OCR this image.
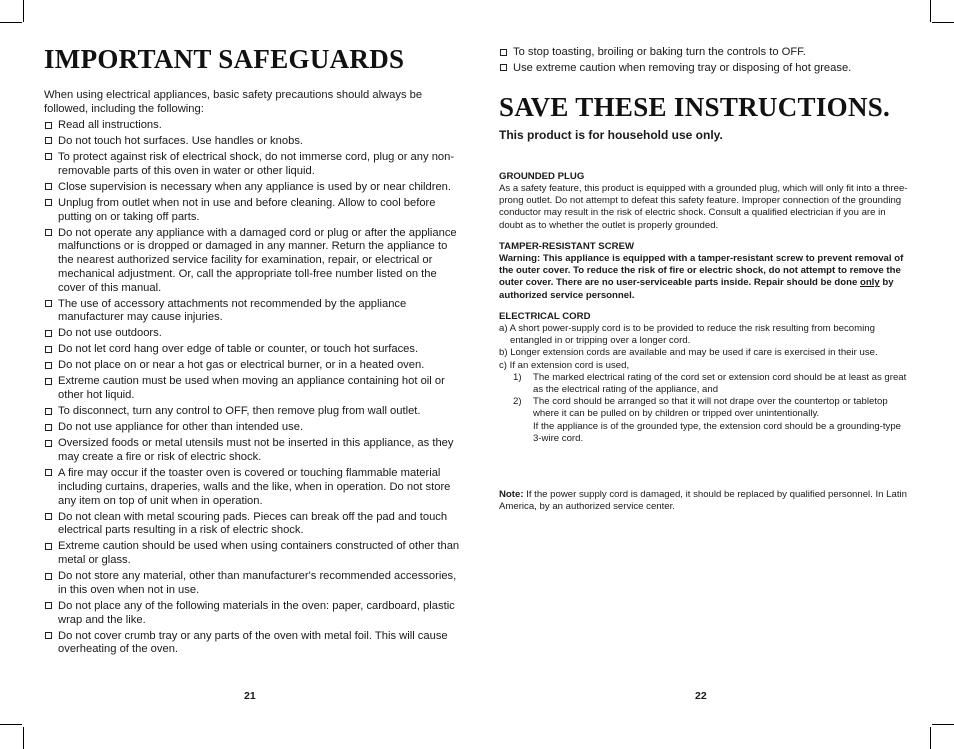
IMPORTANT SAFEGUARDS

When using electrical appliances, basic safety precautions should always be followed, including the following:

Read all instructions.
Do not touch hot surfaces. Use handles or knobs.
To protect against risk of electrical shock, do not immerse cord, plug or any non-removable parts of this oven in water or other liquid.
Close supervision is necessary when any appliance is used by or near children.
Unplug from outlet when not in use and before cleaning. Allow to cool before putting on or taking off parts.
Do not operate any appliance with a damaged cord or plug or after the appliance malfunctions or is dropped or damaged in any manner. Return the appliance to the nearest authorized service facility for examination, repair, or electrical or mechanical adjustment. Or, call the appropriate toll-free number listed on the cover of this manual.
The use of accessory attachments not recommended by the appliance manufacturer may cause injuries.
Do not use outdoors.
Do not let cord hang over edge of table or counter, or touch hot surfaces.
Do not place on or near a hot gas or electrical burner, or in a heated oven.
Extreme caution must be used when moving an appliance containing hot oil or other hot liquid.
To disconnect, turn any control to OFF, then remove plug from wall outlet.
Do not use appliance for other than intended use.
Oversized foods or metal utensils must not be inserted in this appliance, as they may create a fire or risk of electric shock.
A fire may occur if the toaster oven is covered or touching flammable material including curtains, draperies, walls and the like, when in operation. Do not store any item on top of unit when in operation.
Do not clean with metal scouring pads. Pieces can break off the pad and touch electrical parts resulting in a risk of electric shock.
Extreme caution should be used when using containers constructed of other than metal or glass.
Do not store any material, other than manufacturer's recommended accessories, in this oven when not in use.
Do not place any of the following materials in the oven: paper, cardboard, plastic wrap and the like.
Do not cover crumb tray or any parts of the oven with metal foil. This will cause overheating of the oven.
21
To stop toasting, broiling or baking turn the controls to OFF.
Use extreme caution when removing tray or disposing of hot grease.
SAVE THESE INSTRUCTIONS.

This product is for household use only.

GROUNDED PLUG

As a safety feature, this product is equipped with a grounded plug, which will only fit into a three-prong outlet. Do not attempt to defeat this safety feature. Improper connection of the grounding conductor may result in the risk of electric shock. Consult a qualified electrician if you are in doubt as to whether the outlet is properly grounded.

TAMPER-RESISTANT SCREW

Warning: This appliance is equipped with a tamper-resistant screw to prevent removal of the outer cover. To reduce the risk of fire or electric shock, do not attempt to remove the outer cover. There are no user-serviceable parts inside. Repair should be done only by authorized service personnel.

ELECTRICAL CORD

a) A short power-supply cord is to be provided to reduce the risk resulting from becoming entangled in or tripping over a longer cord.

b) Longer extension cords are available and may be used if care is exercised in their use.

c) If an extension cord is used,

1) The marked electrical rating of the cord set or extension cord should be at least as great as the electrical rating of the appliance, and

2) The cord should be arranged so that it will not drape over the countertop or tabletop where it can be pulled on by children or tripped over unintentionally.
If the appliance is of the grounded type, the extension cord should be a grounding-type 3-wire cord.

Note: If the power supply cord is damaged, it should be replaced by qualified personnel. In Latin America, by an authorized service center.

22
